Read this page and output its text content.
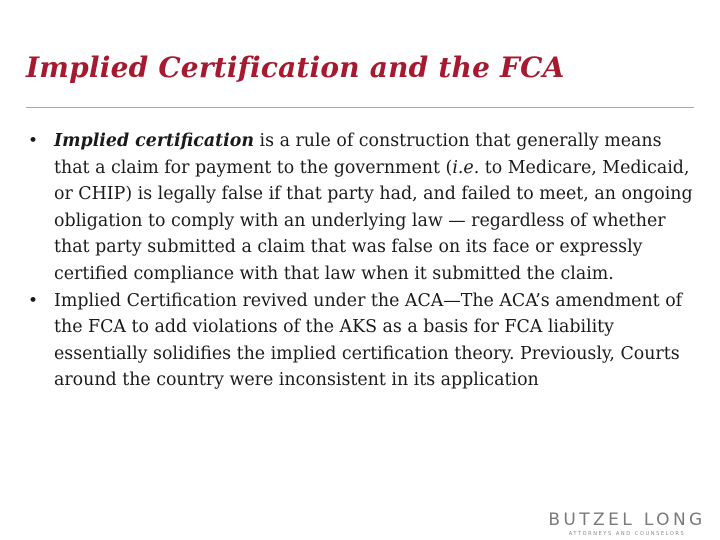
Implied Certification and the FCA
• Implied certification is a rule of construction that generally means that a claim for payment to the government (i.e. to Medicare, Medicaid, or CHIP) is legally false if that party had, and failed to meet, an ongoing obligation to comply with an underlying law — regardless of whether that party submitted a claim that was false on its face or expressly certified compliance with that law when it submitted the claim.
• Implied Certification revived under the ACA—The ACA’s amendment of the FCA to add violations of the AKS as a basis for FCA liability essentially solidifies the implied certification theory. Previously, Courts around the country were inconsistent in its application
BUTZEL LONG
ATTORNEYS AND COUNSELORS
